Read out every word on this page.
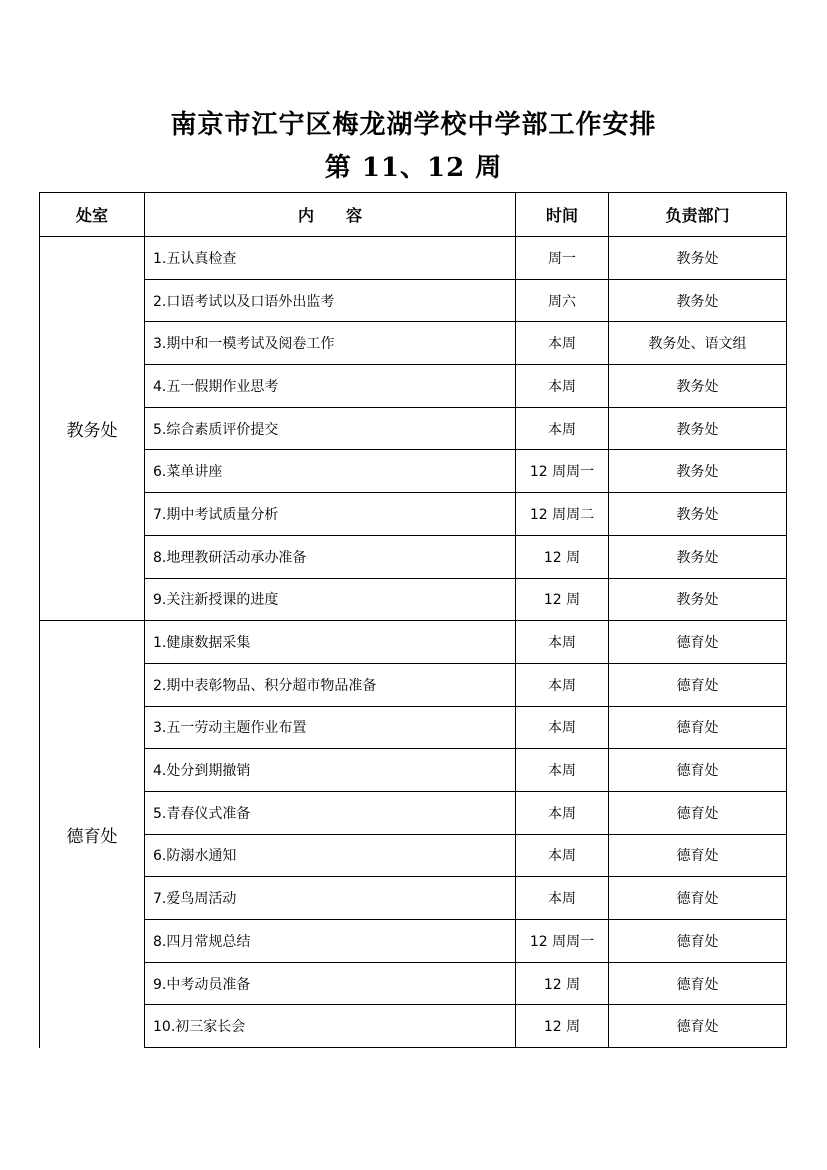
南京市江宁区梅龙湖学校中学部工作安排
第 11、12 周
处室	内　　容	时间	负责部门
教务处	1.五认真检查	周一	教务处
	2.口语考试以及口语外出监考	周六	教务处
	3.期中和一模考试及阅卷工作	本周	教务处、语文组
	4.五一假期作业思考	本周	教务处
	5.综合素质评价提交	本周	教务处
	6.菜单讲座	12 周周一	教务处
	7.期中考试质量分析	12 周周二	教务处
	8.地理教研活动承办准备	12 周	教务处
	9.关注新授课的进度	12 周	教务处
德育处	1.健康数据采集	本周	德育处
	2.期中表彰物品、积分超市物品准备	本周	德育处
	3.五一劳动主题作业布置	本周	德育处
	4.处分到期撤销	本周	德育处
	5.青春仪式准备	本周	德育处
	6.防溺水通知	本周	德育处
	7.爱鸟周活动	本周	德育处
	8.四月常规总结	12 周周一	德育处
	9.中考动员准备	12 周	德育处
	10.初三家长会	12 周	德育处
